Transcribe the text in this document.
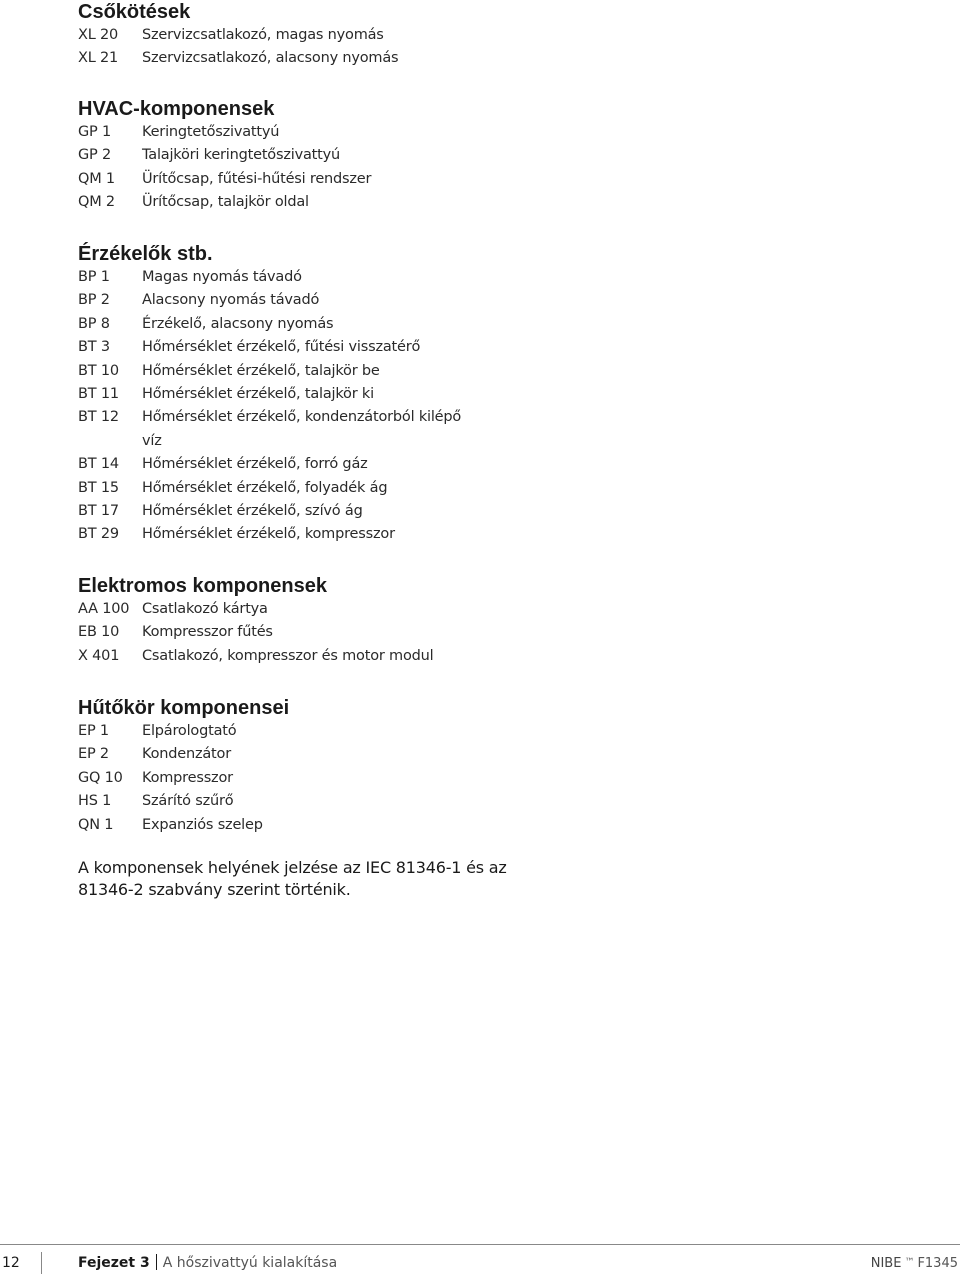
Csőkötések
XL 20	Szervizcsatlakozó, magas nyomás
XL 21	Szervizcsatlakozó, alacsony nyomás
HVAC-komponensek
GP 1	Keringtetőszivattyú
GP 2	Talajköri keringtetőszivattyú
QM 1	Ürítőcsap, fűtési-hűtési rendszer
QM 2	Ürítőcsap, talajkör oldal
Érzékelők stb.
BP 1	Magas nyomás távadó
BP 2	Alacsony nyomás távadó
BP 8	Érzékelő, alacsony nyomás
BT 3	Hőmérséklet érzékelő, fűtési visszatérő
BT 10	Hőmérséklet érzékelő, talajkör be
BT 11	Hőmérséklet érzékelő, talajkör ki
BT 12	Hőmérséklet érzékelő, kondenzátorból kilépő víz
BT 14	Hőmérséklet érzékelő, forró gáz
BT 15	Hőmérséklet érzékelő, folyadék ág
BT 17	Hőmérséklet érzékelő, szívó ág
BT 29	Hőmérséklet érzékelő, kompresszor
Elektromos komponensek
AA 100 Csatlakozó kártya
EB 10	Kompresszor fűtés
X 401	Csatlakozó, kompresszor és motor modul
Hűtőkör komponensei
EP 1	Elpárologtató
EP 2	Kondenzátor
GQ 10	Kompresszor
HS 1	Szárító szűrő
QN 1	Expanziós szelep
A komponensek helyének jelzése az IEC 81346-1 és az 81346-2 szabvány szerint történik.
12	Fejezet 3 A hőszivattyú kialakítása	NIBE ™ F1345
